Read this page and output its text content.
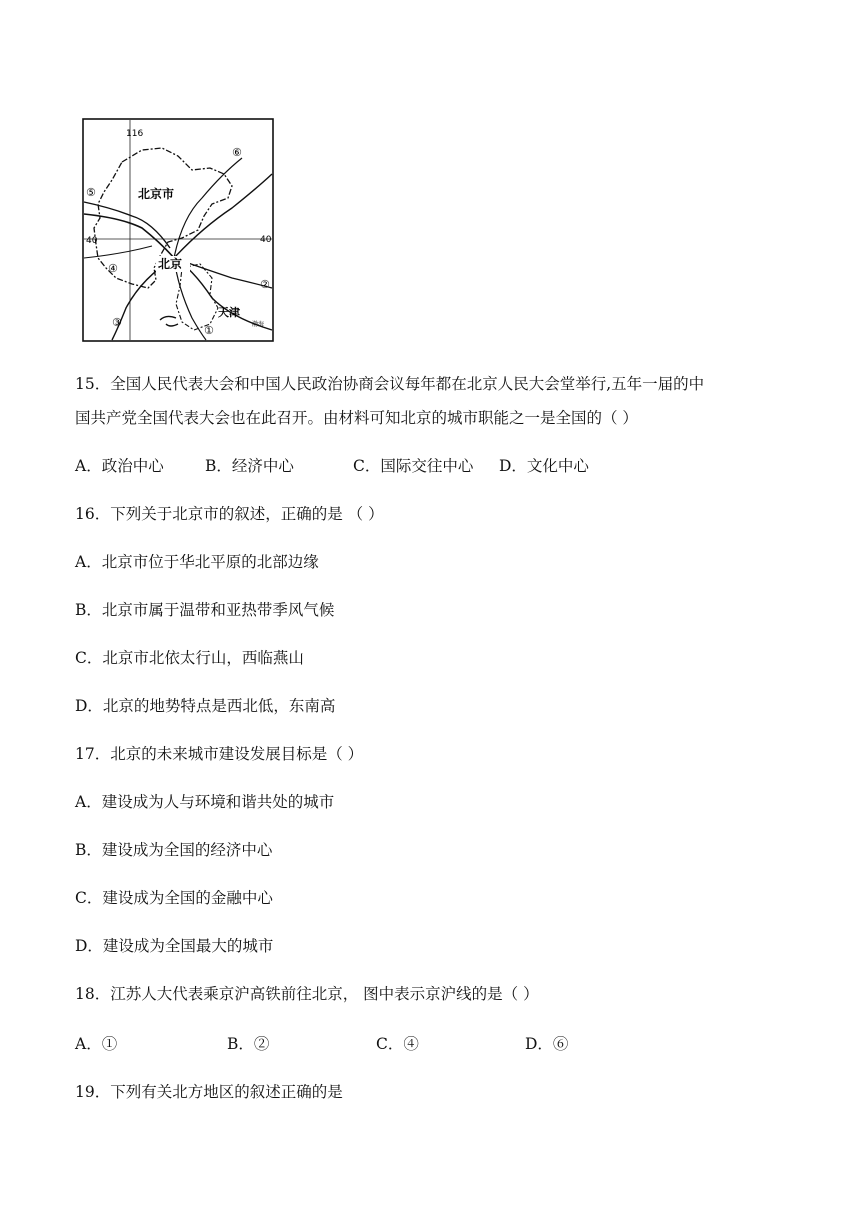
116
40	40
北京市
北京
天津
渤海
①
②
③
④
⑤
⑥
15．全国人民代表大会和中国人民政治协商会议每年都在北京人民大会堂举行,五年一届的中
国共产党全国代表大会也在此召开。由材料可知北京的城市职能之一是全国的（ ）
A．政治中心	B．经济中心	C．国际交往中心 D．文化中心
16．下列关于北京市的叙述，正确的是 （ ）
A．北京市位于华北平原的北部边缘
B．北京市属于温带和亚热带季风气候
C．北京市北依太行山，西临燕山
D．北京的地势特点是西北低，东南高
17．北京的未来城市建设发展目标是（ ）
A．建设成为人与环境和谐共处的城市
B．建设成为全国的经济中心
C．建设成为全国的金融中心
D．建设成为全国最大的城市
18．江苏人大代表乘京沪高铁前往北京， 图中表示京沪线的是（ ）
A．①	B．②	C．④	D．⑥
19．下列有关北方地区的叙述正确的是
